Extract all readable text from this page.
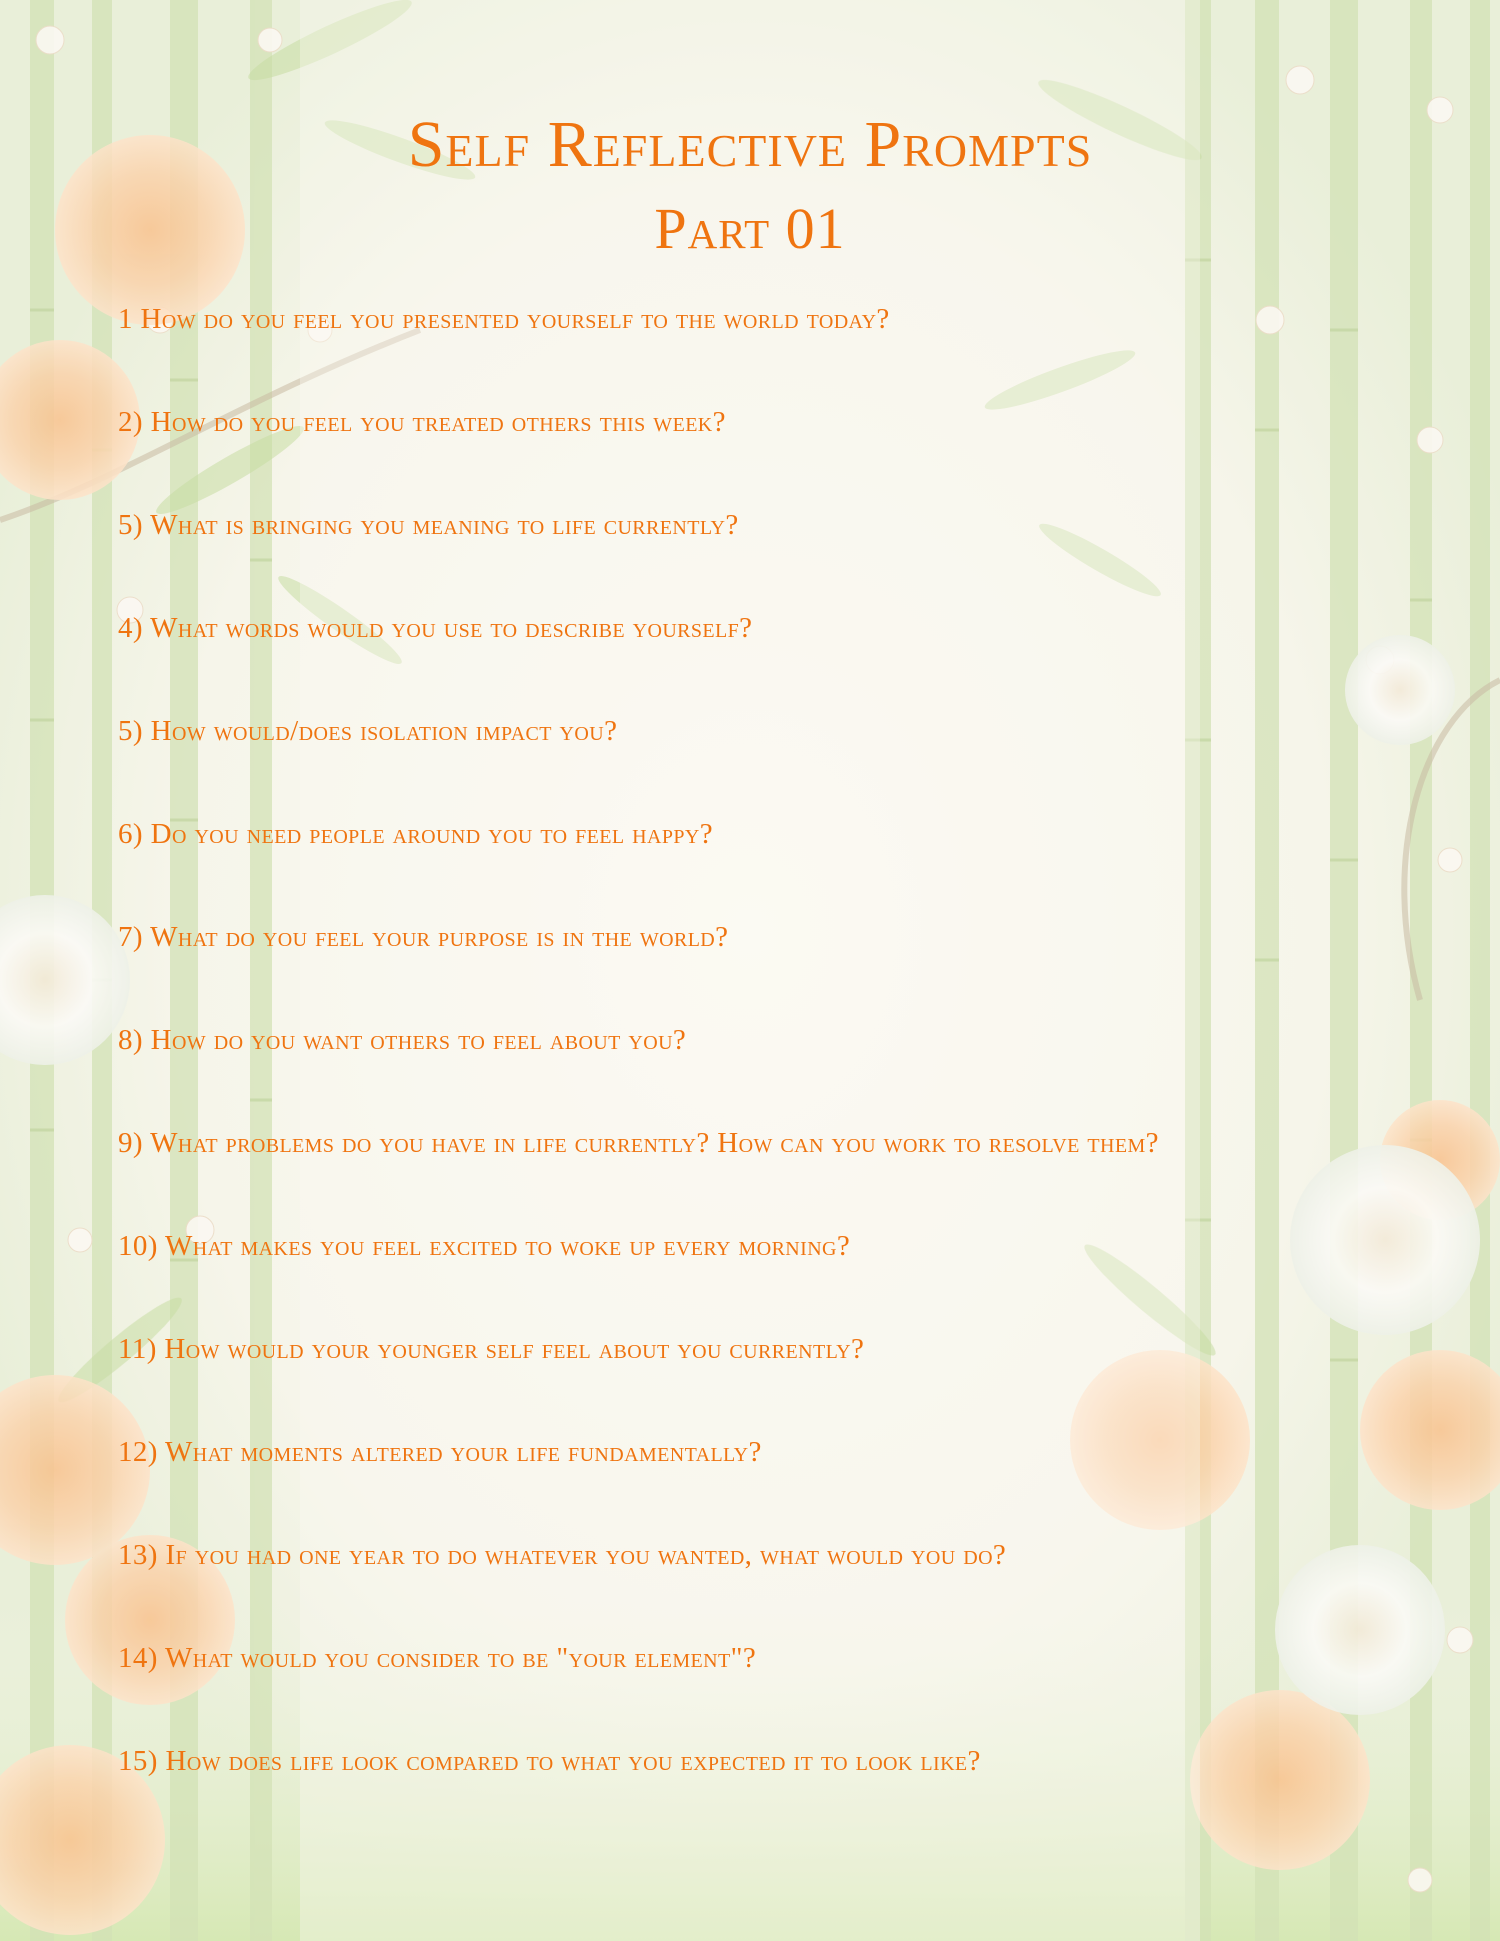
Self Reflective Prompts
Part 01
1 How do you feel you presented yourself to the world today?
2) How do you feel you treated others this week?
5) What is bringing you meaning to life currently?
4) What words would you use to describe yourself?
5) How would/does isolation impact you?
6) Do you need people around you to feel happy?
7) What do you feel your purpose is in the world?
8) How do you want others to feel about you?
9) What problems do you have in life currently? How can you work to resolve them?
10) What makes you feel excited to woke up every morning?
11) How would your younger self feel about you currently?
12) What moments altered your life fundamentally?
13) If you had one year to do whatever you wanted, what would you do?
14) What would you consider to be "your element"?
15) How does life look compared to what you expected it to look like?
